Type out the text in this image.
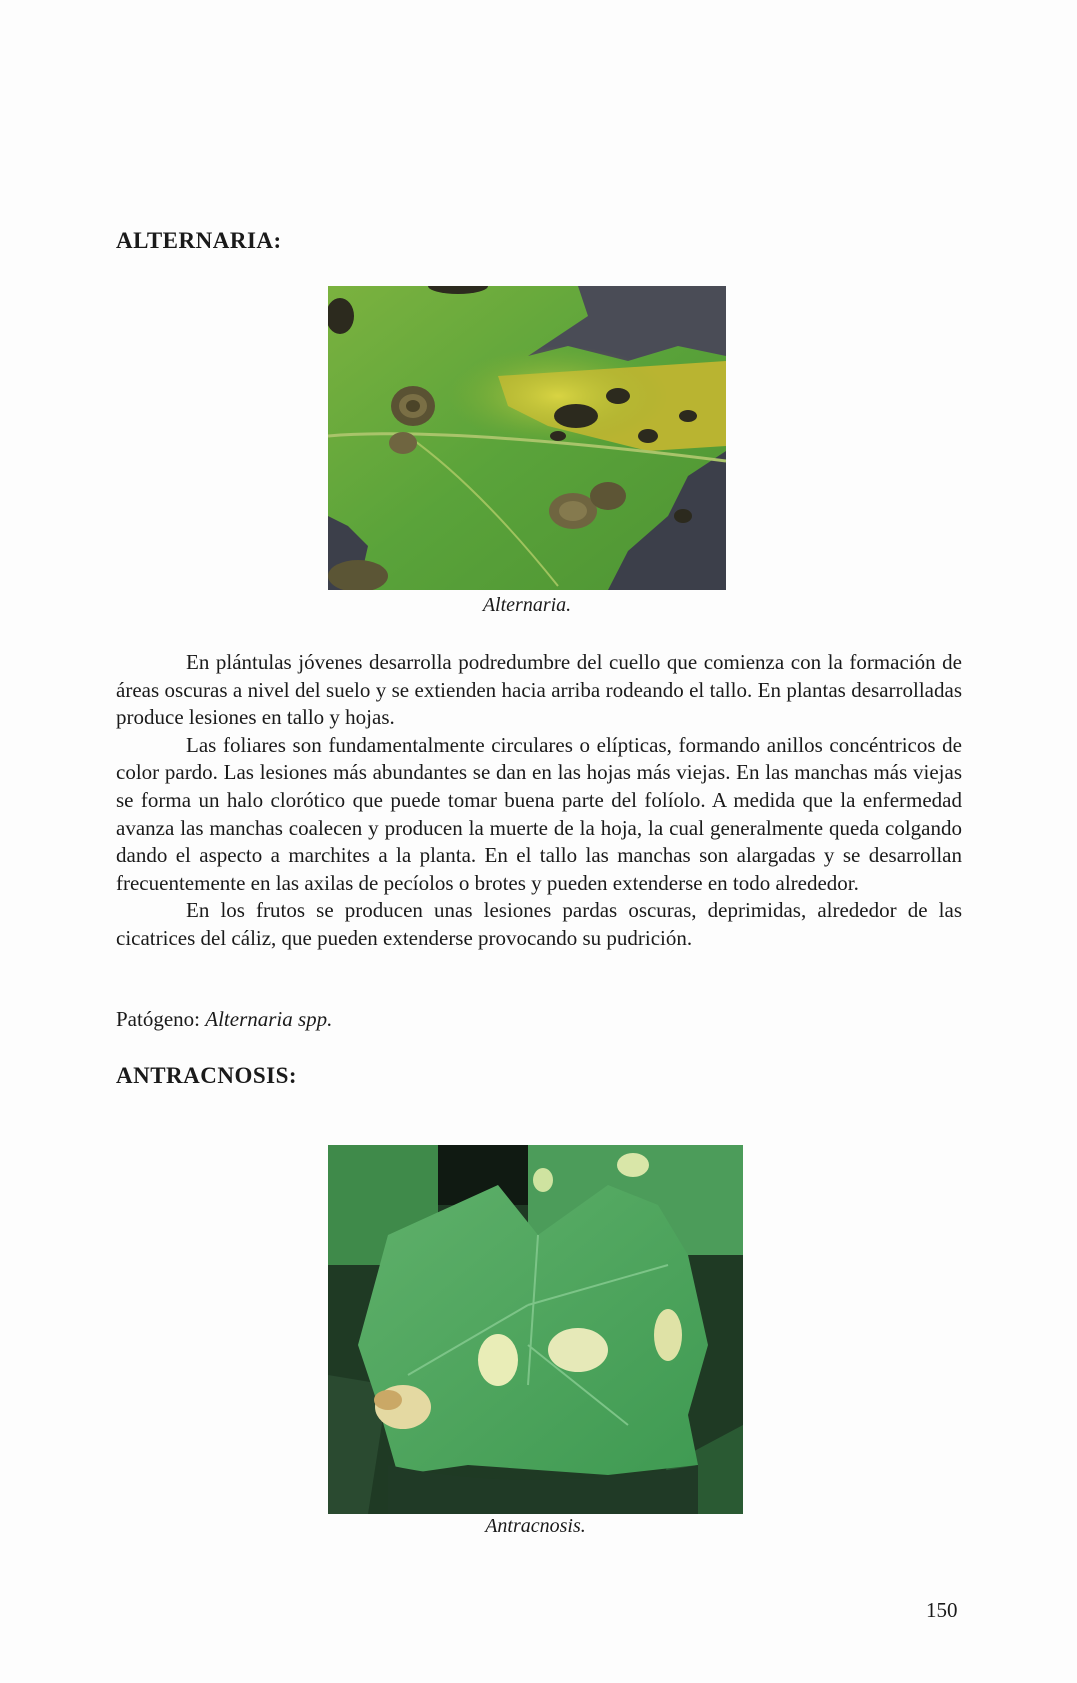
ALTERNARIA:
Alternaria.

En plántulas jóvenes desarrolla podredumbre del cuello que comienza con la formación de áreas oscuras a nivel del suelo y se extienden hacia arriba rodeando el tallo. En plantas desarrolladas produce lesiones en tallo y hojas.

Las foliares son fundamentalmente circulares o elípticas, formando anillos concéntricos de color pardo. Las lesiones más abundantes se dan en las hojas más viejas. En las manchas más viejas se forma un halo clorótico que puede tomar buena parte del folíolo. A medida que la enfermedad avanza las manchas coalecen y producen la muerte de la hoja, la cual generalmente queda colgando dando el aspecto a marchites a la planta. En el tallo las manchas son alargadas y se desarrollan frecuentemente en las axilas de pecíolos o brotes y pueden extenderse en todo alrededor.

En los frutos se producen unas lesiones pardas oscuras, deprimidas, alrededor de las cicatrices del cáliz, que pueden extenderse provocando su pudrición.

Patógeno: Alternaria spp.
ANTRACNOSIS:
Antracnosis.
150
